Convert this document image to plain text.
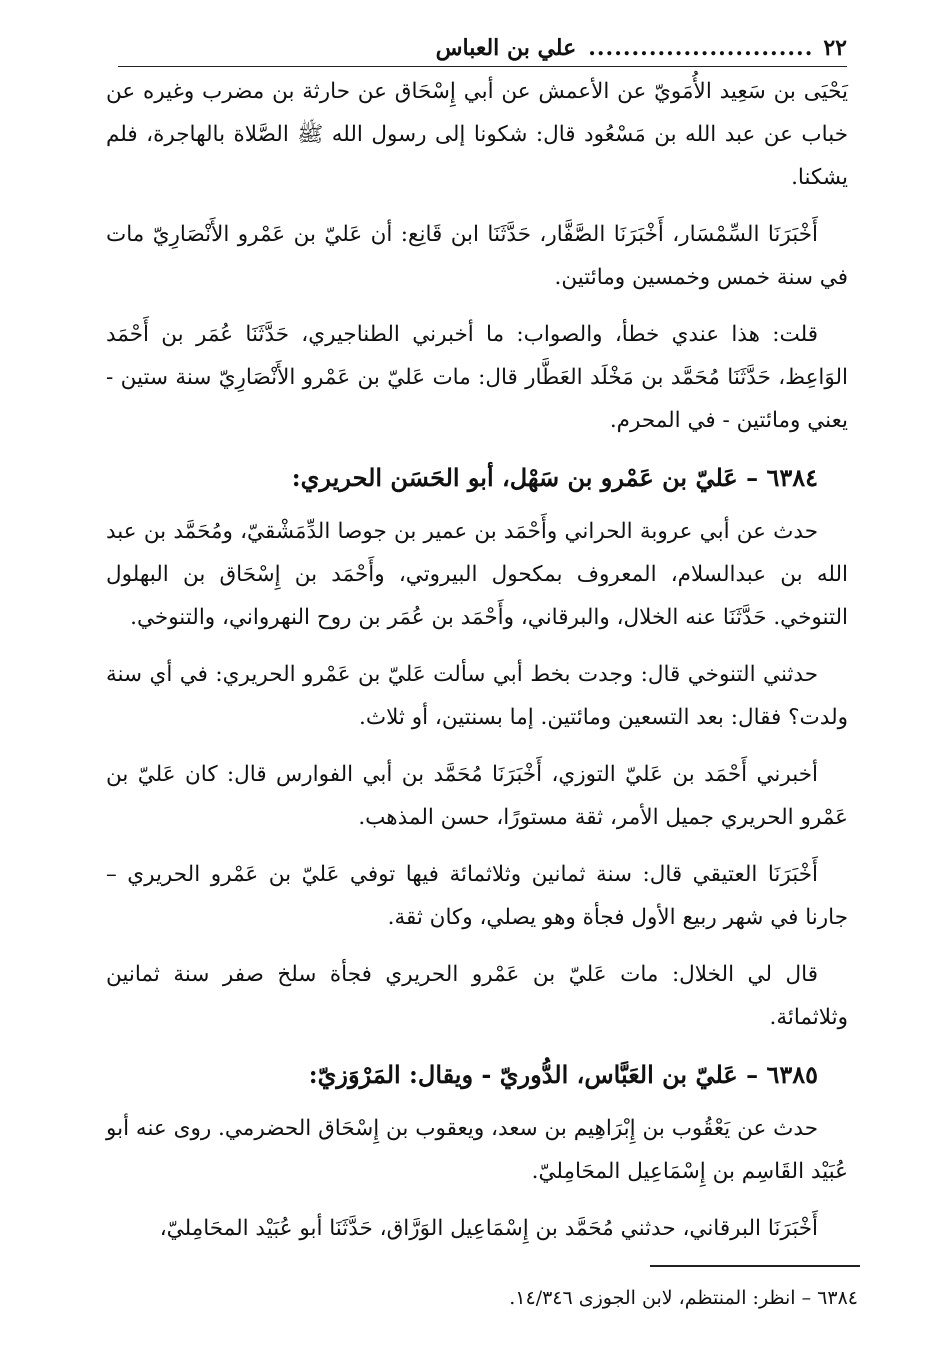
٢٢
..........................
علي بن العباس

يَحْيَى بن سَعِيد الأُمَويّ عن الأعمش عن أبي إِسْحَاق عن حارثة بن مضرب وغيره عن خباب عن عبد الله بن مَسْعُود قال: شكونا إلى رسول الله ﷺ الصَّلاة بالهاجرة، فلم يشكنا.

أَخْبَرَنَا السِّمْسَار، أَخْبَرَنَا الصَّفَّار، حَدَّثَنَا ابن قَانِع: أن عَليّ بن عَمْرو الأَنْصَارِيّ مات في سنة خمس وخمسين ومائتين.

قلت: هذا عندي خطأ، والصواب: ما أخبرني الطناجيري، حَدَّثَنَا عُمَر بن أَحْمَد الوَاعِظ، حَدَّثَنَا مُحَمَّد بن مَخْلَد العَطَّار قال: مات عَليّ بن عَمْرو الأَنْصَارِيّ سنة ستين - يعني ومائتين - في المحرم.

٦٣٨٤ – عَليّ بن عَمْرو بن سَهْل، أبو الحَسَن الحريري:

حدث عن أبي عروبة الحراني وأَحْمَد بن عمير بن جوصا الدِّمَشْقيّ، ومُحَمَّد بن عبد الله بن عبدالسلام، المعروف بمكحول البيروتي، وأَحْمَد بن إِسْحَاق بن البهلول التنوخي. حَدَّثَنَا عنه الخلال، والبرقاني، وأَحْمَد بن عُمَر بن روح النهرواني، والتنوخي.

حدثني التنوخي قال: وجدت بخط أبي سألت عَليّ بن عَمْرو الحريري: في أي سنة ولدت؟ فقال: بعد التسعين ومائتين. إما بسنتين، أو ثلاث.

أخبرني أَحْمَد بن عَليّ التوزي، أَخْبَرَنَا مُحَمَّد بن أبي الفوارس قال: كان عَليّ بن عَمْرو الحريري جميل الأمر، ثقة مستورًا، حسن المذهب.

أَخْبَرَنَا العتيقي قال: سنة ثمانين وثلاثمائة فيها توفي عَليّ بن عَمْرو الحريري – جارنا في شهر ربيع الأول فجأة وهو يصلي، وكان ثقة.

قال لي الخلال: مات عَليّ بن عَمْرو الحريري فجأة سلخ صفر سنة ثمانين وثلاثمائة.

٦٣٨٥ – عَليّ بن العَبَّاس، الدُّوريّ - ويقال: المَرْوَزيّ:

حدث عن يَعْقُوب بن إِبْرَاهِيم بن سعد، ويعقوب بن إِسْحَاق الحضرمي. روى عنه أبو عُبَيْد القَاسِم بن إِسْمَاعِيل المحَامِليّ.

أَخْبَرَنَا البرقاني، حدثني مُحَمَّد بن إِسْمَاعِيل الوَرَّاق، حَدَّثَنَا أبو عُبَيْد المحَامِليّ،

٦٣٨٤ – انظر: المنتظم، لابن الجوزى ١٤/٣٤٦.
